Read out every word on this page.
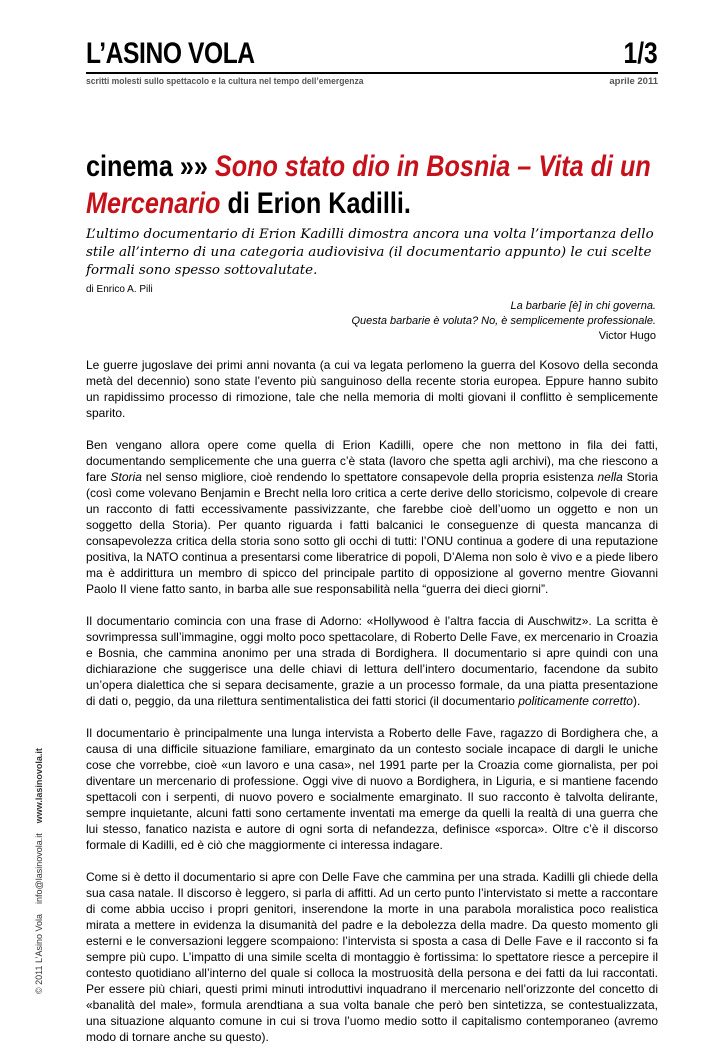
L’ASINO VOLA	1/3
scritti molesti sullo spettacolo e la cultura nel tempo dell’emergenza	aprile 2011
cinema »» Sono stato dio in Bosnia – Vita di un Mercenario di Erion Kadilli.
L’ultimo documentario di Erion Kadilli dimostra ancora una volta l’importanza dello stile all’interno di una categoria audiovisiva (il documentario appunto) le cui scelte formali sono spesso sottovalutate.
di Enrico A. Pili
La barbarie [è] in chi governa.
Questa barbarie è voluta? No, è semplicemente professionale.
Victor Hugo

Le guerre jugoslave dei primi anni novanta (a cui va legata perlomeno la guerra del Kosovo della seconda metà del decennio) sono state l’evento più sanguinoso della recente storia europea. Eppure hanno subito un rapidissimo processo di rimozione, tale che nella memoria di molti giovani il conflitto è semplicemente sparito.

Ben vengano allora opere come quella di Erion Kadilli, opere che non mettono in fila dei fatti, documentando semplicemente che una guerra c’è stata (lavoro che spetta agli archivi), ma che riescono a fare Storia nel senso migliore, cioè rendendo lo spettatore consapevole della propria esistenza nella Storia (così come volevano Benjamin e Brecht nella loro critica a certe derive dello storicismo, colpevole di creare un racconto di fatti eccessivamente passivizzante, che farebbe cioè dell’uomo un oggetto e non un soggetto della Storia). Per quanto riguarda i fatti balcanici le conseguenze di questa mancanza di consapevolezza critica della storia sono sotto gli occhi di tutti: l’ONU continua a godere di una reputazione positiva, la NATO continua a presentarsi come liberatrice di popoli, D’Alema non solo è vivo e a piede libero ma è addirittura un membro di spicco del principale partito di opposizione al governo mentre Giovanni Paolo II viene fatto santo, in barba alle sue responsabilità nella “guerra dei dieci giorni”.

Il documentario comincia con una frase di Adorno: «Hollywood è l’altra faccia di Auschwitz». La scritta è sovrimpressa sull’immagine, oggi molto poco spettacolare, di Roberto Delle Fave, ex mercenario in Croazia e Bosnia, che cammina anonimo per una strada di Bordighera. Il documentario si apre quindi con una dichiarazione che suggerisce una delle chiavi di lettura dell’intero documentario, facendone da subito un’opera dialettica che si separa decisamente, grazie a un processo formale, da una piatta presentazione di dati o, peggio, da una rilettura sentimentalistica dei fatti storici (il documentario politicamente corretto).

Il documentario è principalmente una lunga intervista a Roberto delle Fave, ragazzo di Bordighera che, a causa di una difficile situazione familiare, emarginato da un contesto sociale incapace di dargli le uniche cose che vorrebbe, cioè «un lavoro e una casa», nel 1991 parte per la Croazia come giornalista, per poi diventare un mercenario di professione. Oggi vive di nuovo a Bordighera, in Liguria, e si mantiene facendo spettacoli con i serpenti, di nuovo povero e socialmente emarginato. Il suo racconto è talvolta delirante, sempre inquietante, alcuni fatti sono certamente inventati ma emerge da quelli la realtà di una guerra che lui stesso, fanatico nazista e autore di ogni sorta di nefandezza, definisce «sporca». Oltre c’è il discorso formale di Kadilli, ed è ciò che maggiormente ci interessa indagare.

Come si è detto il documentario si apre con Delle Fave che cammina per una strada. Kadilli gli chiede della sua casa natale. Il discorso è leggero, si parla di affitti. Ad un certo punto l’intervistato si mette a raccontare di come abbia ucciso i propri genitori, inserendone la morte in una parabola moralistica poco realistica mirata a mettere in evidenza la disumanità del padre e la debolezza della madre. Da questo momento gli esterni e le conversazioni leggere scompaiono: l’intervista si sposta a casa di Delle Fave e il racconto si fa sempre più cupo. L’impatto di una simile scelta di montaggio è fortissima: lo spettatore riesce a percepire il contesto quotidiano all’interno del quale si colloca la mostruosità della persona e dei fatti da lui raccontati. Per essere più chiari, questi primi minuti introduttivi inquadrano il mercenario nell’orizzonte del concetto di «banalità del male», formula arendtiana a sua volta banale che però ben sintetizza, se contestualizzata, una situazione alquanto comune in cui si trova l’uomo medio sotto il capitalismo contemporaneo (avremo modo di tornare anche su questo).

© 2011 L’Asino Vola    info@lasinovola.it    www.lasinovola.it
